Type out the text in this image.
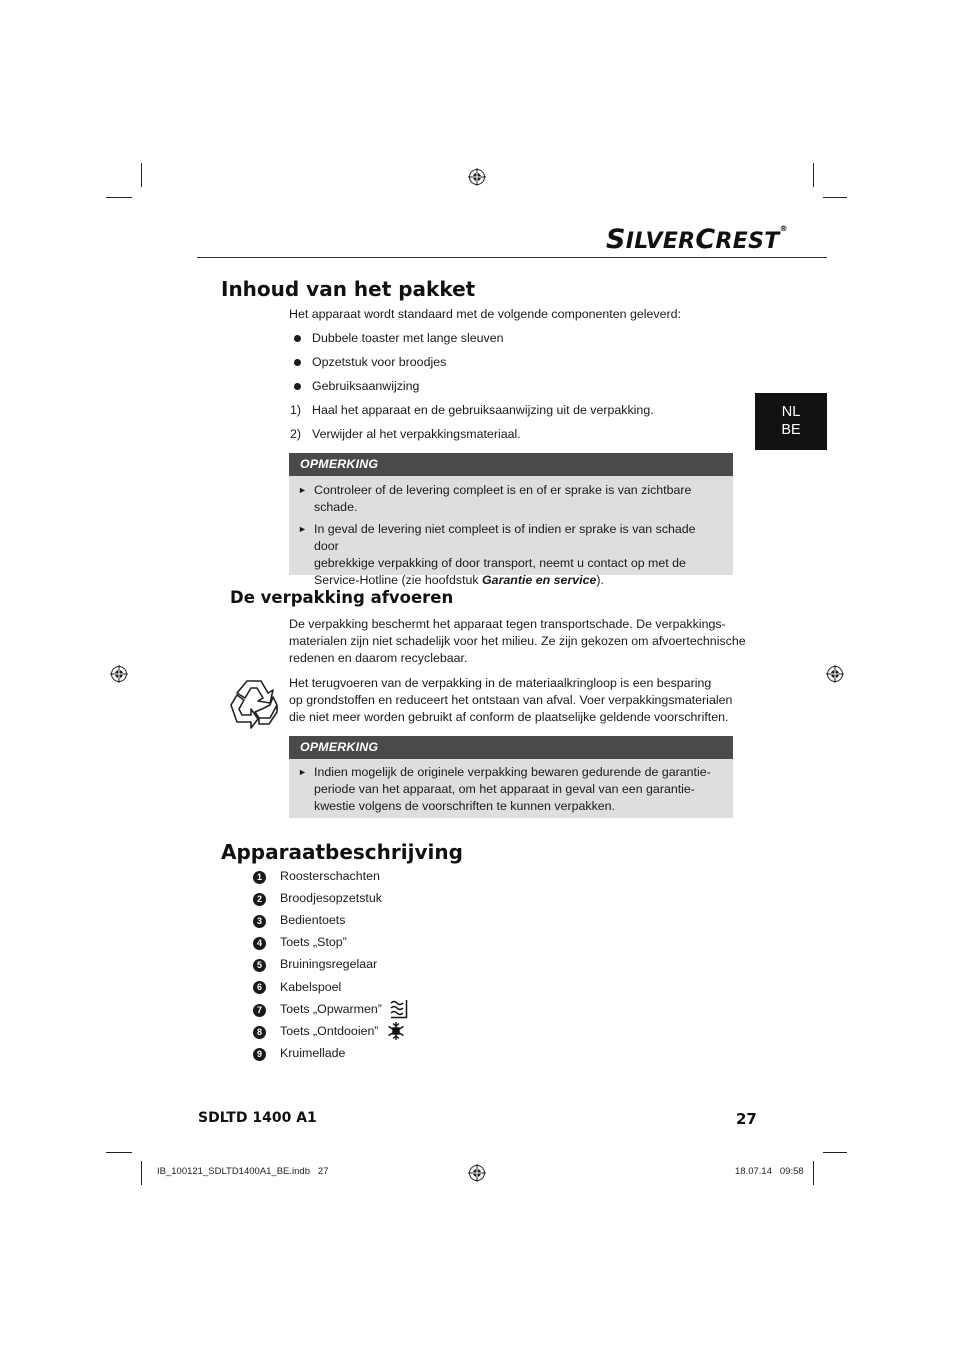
SILVERCREST®
NL
BE
Inhoud van het pakket
Het apparaat wordt standaard met de volgende componenten geleverd:
Dubbele toaster met lange sleuven
Opzetstuk voor broodjes
Gebruiksaanwijzing
1) Haal het apparaat en de gebruiksaanwijzing uit de verpakking.
2) Verwijder al het verpakkingsmateriaal.
OPMERKING
► Controleer of de levering compleet is en of er sprake is van zichtbare
schade.
► In geval de levering niet compleet is of indien er sprake is van schade door
gebrekkige verpakking of door transport, neemt u contact op met de
Service-Hotline (zie hoofdstuk Garantie en service).
De verpakking afvoeren
De verpakking beschermt het apparaat tegen transportschade. De verpakkings-
materialen zijn niet schadelijk voor het milieu. Ze zijn gekozen om afvoertechnische
redenen en daarom recyclebaar.
Het terugvoeren van de verpakking in de materiaalkringloop is een besparing
op grondstoffen en reduceert het ontstaan van afval. Voer verpakkingsmaterialen
die niet meer worden gebruikt af conform de plaatselijke geldende voorschriften.
OPMERKING
► Indien mogelijk de originele verpakking bewaren gedurende de garantie-
periode van het apparaat, om het apparaat in geval van een garantie-
kwestie volgens de voorschriften te kunnen verpakken.
Apparaatbeschrijving
1	Roosterschachten
2	Broodjesopzetstuk
3	Bedientoets
4	Toets „Stop”
5	Bruiningsregelaar
6	Kabelspoel
7	Toets „Opwarmen”
8	Toets „Ontdooien”
9	Kruimellade
SDLTD 1400 A1	27
IB_100121_SDLTD1400A1_BE.indb   27	18.07.14   09:58
